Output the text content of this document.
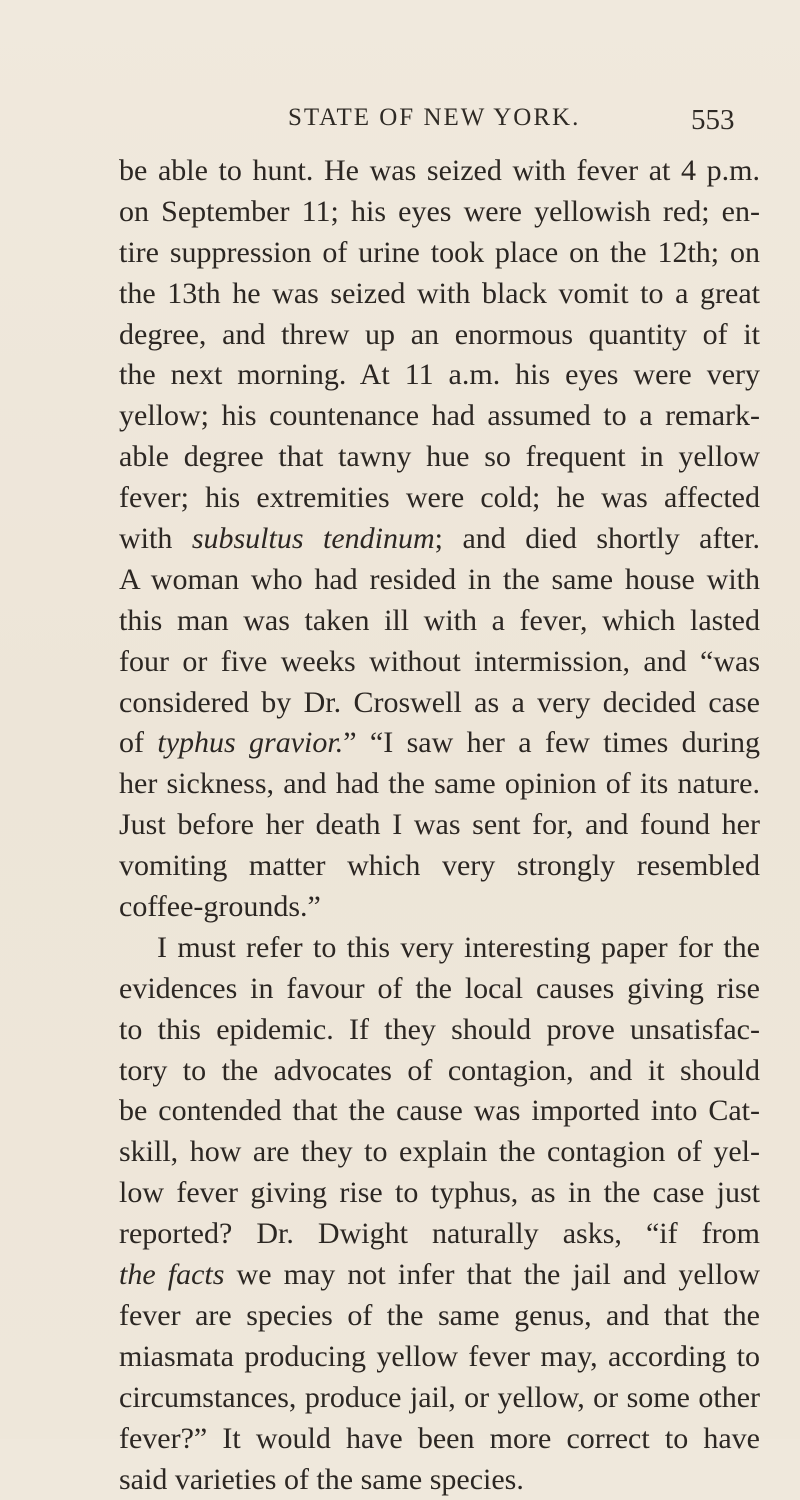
STATE OF NEW YORK.	553
be able to hunt. He was seized with fever at 4 p.m.
on September 11; his eyes were yellowish red; en-
tire suppression of urine took place on the 12th; on
the 13th he was seized with black vomit to a great
degree, and threw up an enormous quantity of it
the next morning. At 11 a.m. his eyes were very
yellow; his countenance had assumed to a remark-
able degree that tawny hue so frequent in yellow
fever; his extremities were cold; he was affected
with subsultus tendinum; and died shortly after.
A woman who had resided in the same house with
this man was taken ill with a fever, which lasted
four or five weeks without intermission, and “was
considered by Dr. Croswell as a very decided case
of typhus gravior.” “I saw her a few times during
her sickness, and had the same opinion of its nature.
Just before her death I was sent for, and found her
vomiting matter which very strongly resembled
coffee-grounds.”
I must refer to this very interesting paper for the
evidences in favour of the local causes giving rise
to this epidemic. If they should prove unsatisfac-
tory to the advocates of contagion, and it should
be contended that the cause was imported into Cat-
skill, how are they to explain the contagion of yel-
low fever giving rise to typhus, as in the case just
reported? Dr. Dwight naturally asks, “if from
the facts we may not infer that the jail and yellow
fever are species of the same genus, and that the
miasmata producing yellow fever may, according to
circumstances, produce jail, or yellow, or some other
fever?” It would have been more correct to have
said varieties of the same species.
